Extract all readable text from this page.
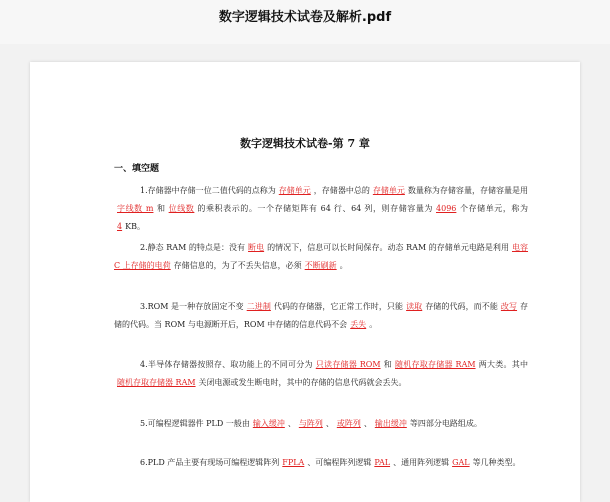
数字逻辑技术试卷及解析.pdf
数字逻辑技术试卷-第 7 章
一、填空题

1.存储器中存储一位二值代码的点称为 存储单元 ，存储器中总的 存储单元 数量称为存储容量，存储容量是用字线数 m 和 位线数 的乘积表示的。一个存储矩阵有 64 行、64 列，则存储容量为 4096 个存储单元，称为4 KB。

2.静态 RAM 的特点是：没有 断电 的情况下，信息可以长时间保存。动态 RAM 的存储单元电路是利用 电容 C 上存储的电荷 存储信息的，为了不丢失信息，必须 不断刷新 。

3.ROM 是一种存放固定不变 二进制 代码的存储器，它正常工作时，只能 读取 存储的代码，而不能 改写 存储的代码。当 ROM 与电源断开后，ROM 中存储的信息代码不会 丢失 。

4.半导体存储器按照存、取功能上的不同可分为 只读存储器 ROM 和 随机存取存储器 RAM 两大类。其中随机存取存储器 RAM 关闭电源或发生断电时，其中的存储的信息代码就会丢失。

5.可编程逻辑器件 PLD 一般由 输入缓冲 、 与阵列 、 或阵列 、 输出缓冲 等四部分电路组成。

6.PLD 产品主要有现场可编程逻辑阵列 FPLA 、可编程阵列逻辑 PAL 、通用阵列逻辑 GAL 等几种类型。
